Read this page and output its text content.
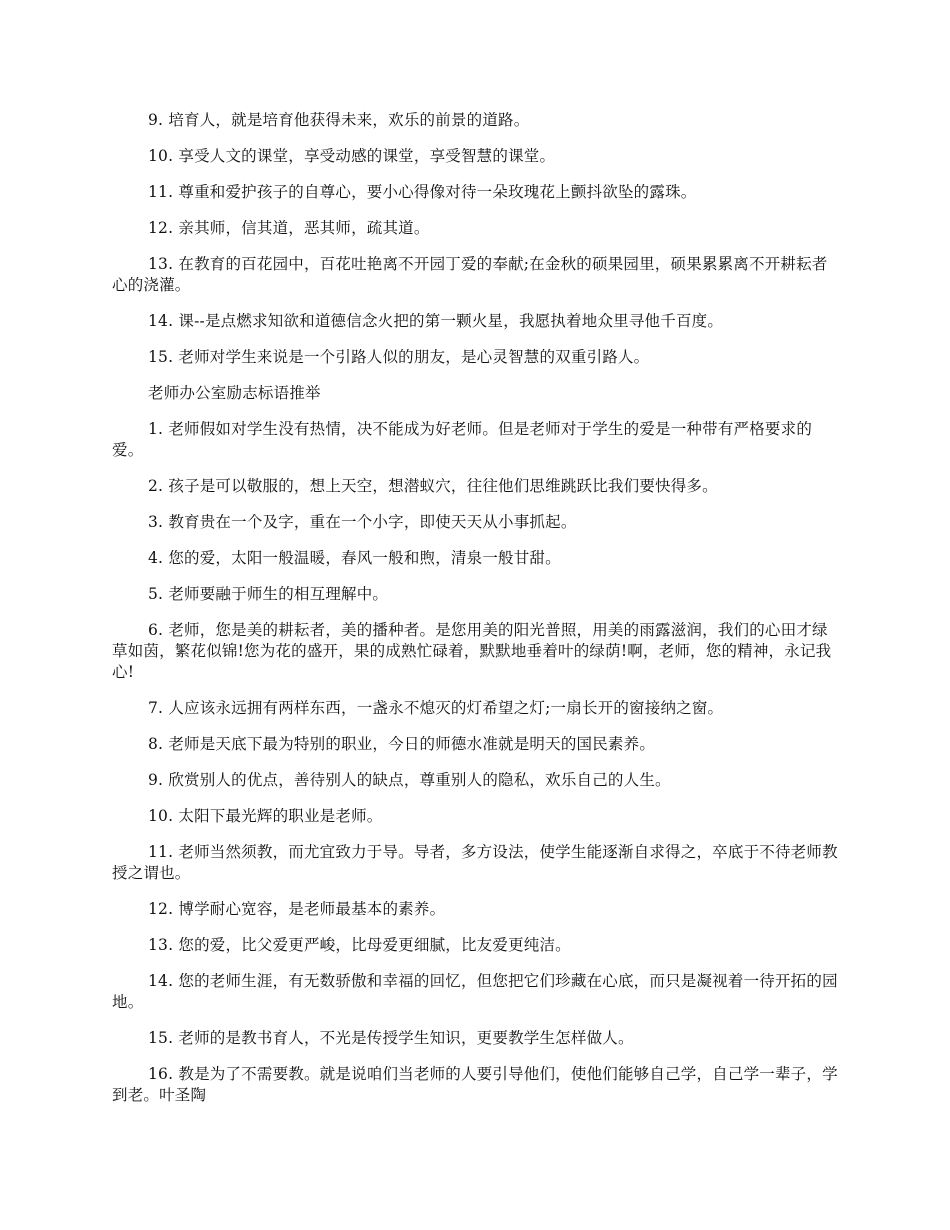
9. 培育人，就是培育他获得未来，欢乐的前景的道路。

10. 享受人文的课堂，享受动感的课堂，享受智慧的课堂。

11. 尊重和爱护孩子的自尊心，要小心得像对待一朵玫瑰花上颤抖欲坠的露珠。

12. 亲其师，信其道，恶其师，疏其道。

13. 在教育的百花园中，百花吐艳离不开园丁爱的奉献;在金秋的硕果园里，硕果累累离不开耕耘者心的浇灌。

14. 课--是点燃求知欲和道德信念火把的第一颗火星，我愿执着地众里寻他千百度。

15. 老师对学生来说是一个引路人似的朋友，是心灵智慧的双重引路人。

老师办公室励志标语推举

1. 老师假如对学生没有热情，决不能成为好老师。但是老师对于学生的爱是一种带有严格要求的爱。

2. 孩子是可以敬服的，想上天空，想潜蚁穴，往往他们思维跳跃比我们要快得多。

3. 教育贵在一个及字，重在一个小字，即使天天从小事抓起。

4. 您的爱，太阳一般温暖，春风一般和煦，清泉一般甘甜。

5. 老师要融于师生的相互理解中。

6. 老师，您是美的耕耘者，美的播种者。是您用美的阳光普照，用美的雨露滋润，我们的心田才绿草如茵，繁花似锦!您为花的盛开，果的成熟忙碌着，默默地垂着叶的绿荫!啊，老师，您的精神，永记我心!

7. 人应该永远拥有两样东西，一盏永不熄灭的灯希望之灯;一扇长开的窗接纳之窗。

8. 老师是天底下最为特别的职业，今日的师德水准就是明天的国民素养。

9. 欣赏别人的优点，善待别人的缺点，尊重别人的隐私，欢乐自己的人生。

10. 太阳下最光辉的职业是老师。

11. 老师当然须教，而尤宜致力于导。导者，多方设法，使学生能逐渐自求得之，卒底于不待老师教授之谓也。

12. 博学耐心宽容，是老师最基本的素养。

13. 您的爱，比父爱更严峻，比母爱更细腻，比友爱更纯洁。

14. 您的老师生涯，有无数骄傲和幸福的回忆，但您把它们珍藏在心底，而只是凝视着一待开拓的园地。

15. 老师的是教书育人，不光是传授学生知识，更要教学生怎样做人。

16. 教是为了不需要教。就是说咱们当老师的人要引导他们，使他们能够自己学，自己学一辈子，学到老。叶圣陶
